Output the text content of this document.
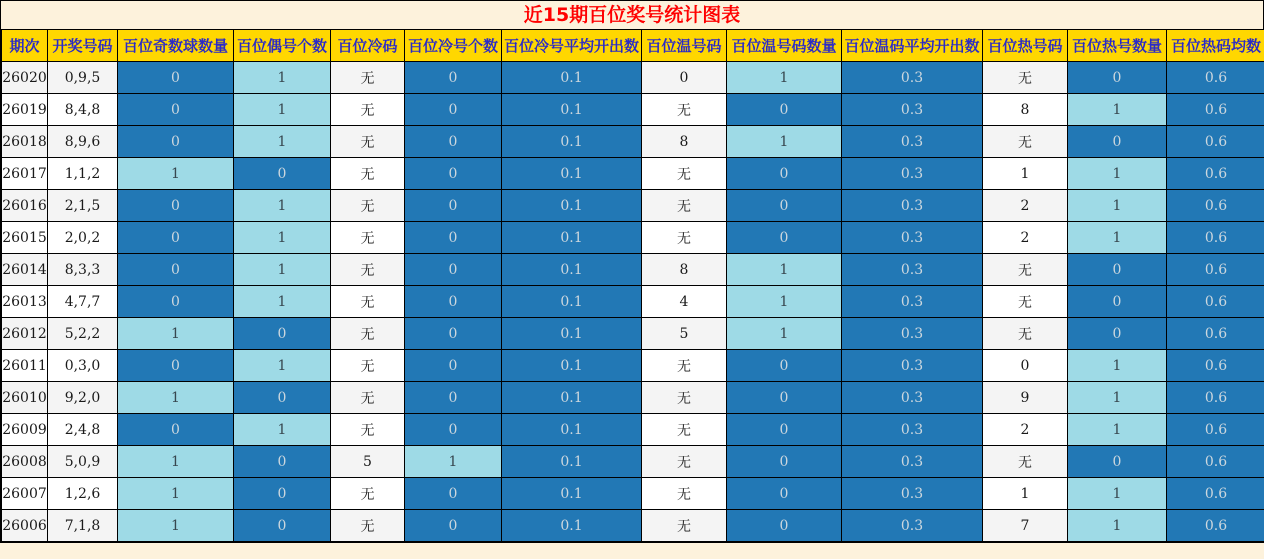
近15期百位奖号统计图表
期次	开奖号码	百位奇数球数量	百位偶号个数	百位冷码	百位冷号个数	百位冷号平均开出数	百位温号码	百位温号码数量	百位温码平均开出数	百位热号码	百位热号数量	百位热码均数
26020	0,9,5	0	1	无	0	0.1	0	1	0.3	无	0	0.6
26019	8,4,8	0	1	无	0	0.1	无	0	0.3	8	1	0.6
26018	8,9,6	0	1	无	0	0.1	8	1	0.3	无	0	0.6
26017	1,1,2	1	0	无	0	0.1	无	0	0.3	1	1	0.6
26016	2,1,5	0	1	无	0	0.1	无	0	0.3	2	1	0.6
26015	2,0,2	0	1	无	0	0.1	无	0	0.3	2	1	0.6
26014	8,3,3	0	1	无	0	0.1	8	1	0.3	无	0	0.6
26013	4,7,7	0	1	无	0	0.1	4	1	0.3	无	0	0.6
26012	5,2,2	1	0	无	0	0.1	5	1	0.3	无	0	0.6
26011	0,3,0	0	1	无	0	0.1	无	0	0.3	0	1	0.6
26010	9,2,0	1	0	无	0	0.1	无	0	0.3	9	1	0.6
26009	2,4,8	0	1	无	0	0.1	无	0	0.3	2	1	0.6
26008	5,0,9	1	0	5	1	0.1	无	0	0.3	无	0	0.6
26007	1,2,6	1	0	无	0	0.1	无	0	0.3	1	1	0.6
26006	7,1,8	1	0	无	0	0.1	无	0	0.3	7	1	0.6
